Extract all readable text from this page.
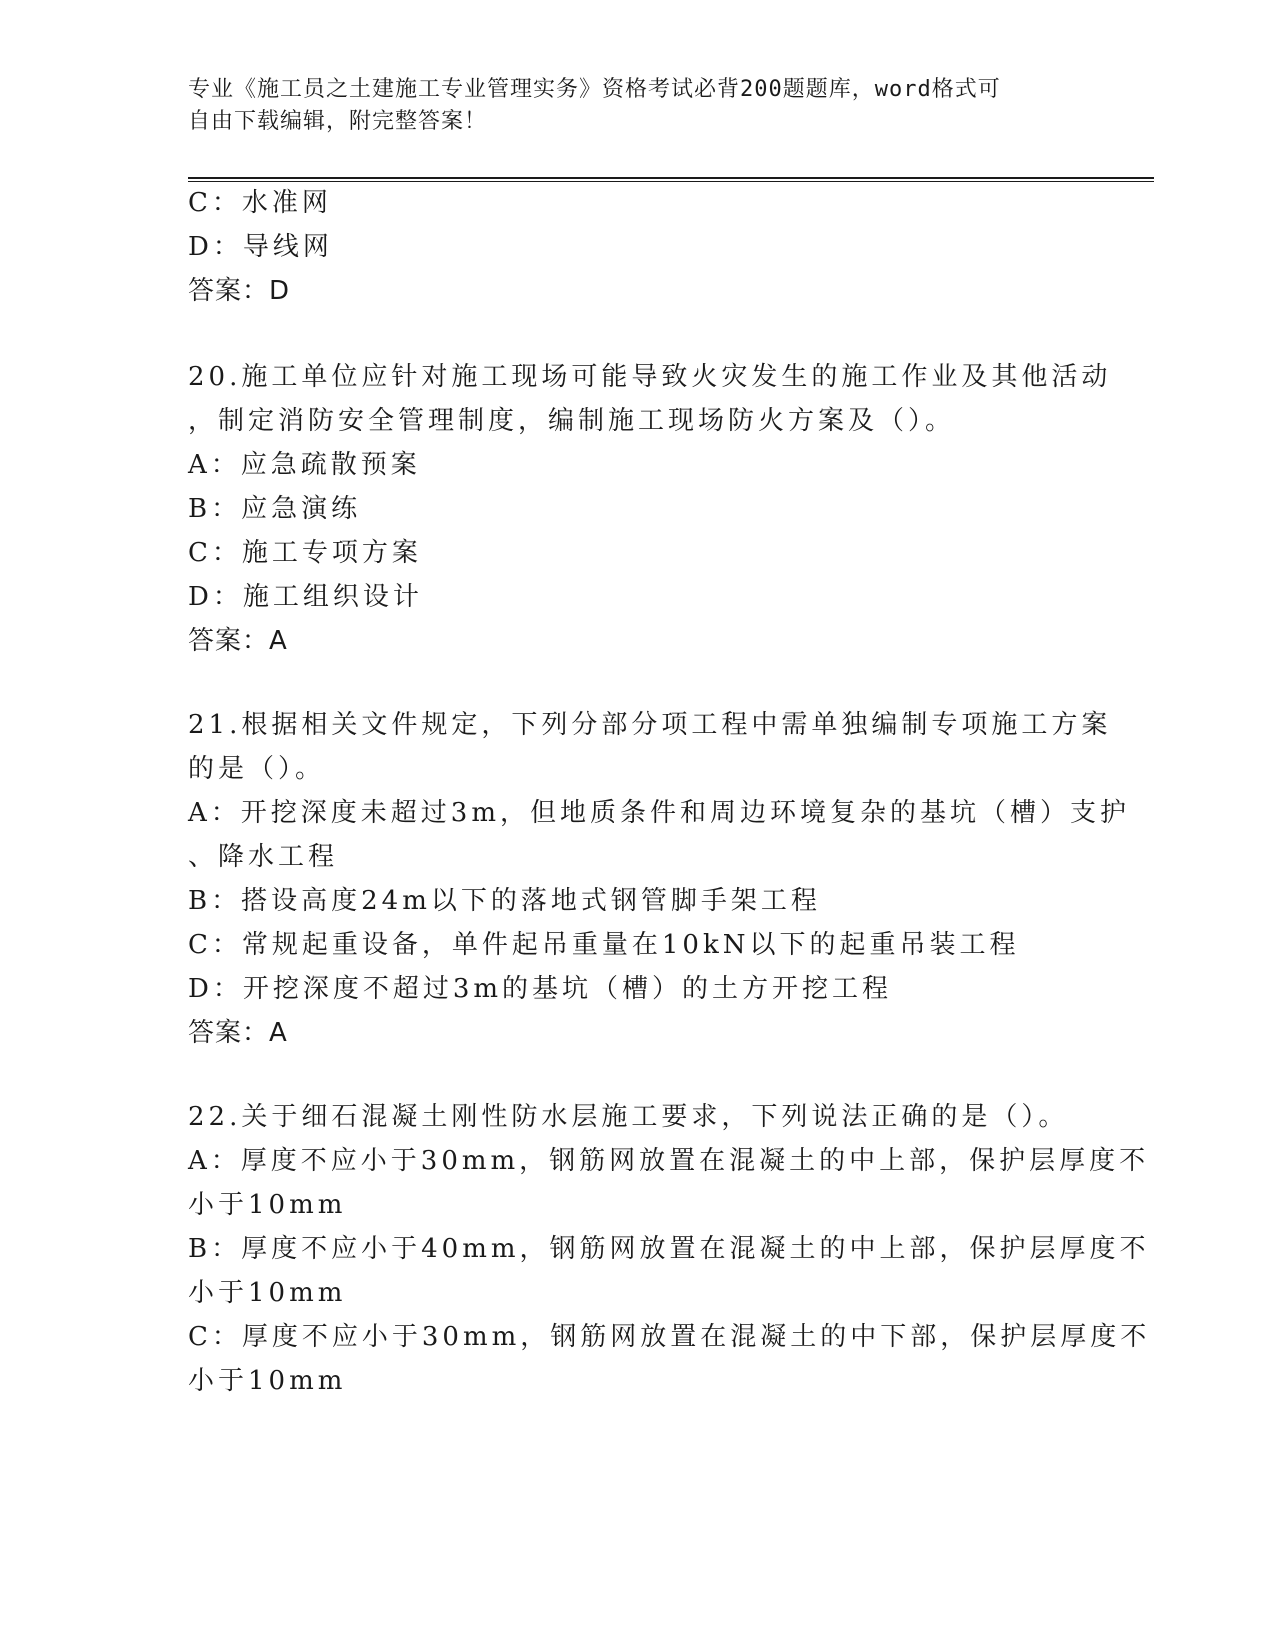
专业《施工员之土建施工专业管理实务》资格考试必背200题题库，word格式可
自由下载编辑，附完整答案！
C：水准网
D：导线网
答案：D
20.施工单位应针对施工现场可能导致火灾发生的施工作业及其他活动
，制定消防安全管理制度，编制施工现场防火方案及（）。
A：应急疏散预案
B：应急演练
C：施工专项方案
D：施工组织设计
答案：A
21.根据相关文件规定，下列分部分项工程中需单独编制专项施工方案
的是（）。
A：开挖深度未超过3m，但地质条件和周边环境复杂的基坑（槽）支护
、降水工程
B：搭设高度24m以下的落地式钢管脚手架工程
C：常规起重设备，单件起吊重量在10kN以下的起重吊装工程
D：开挖深度不超过3m的基坑（槽）的土方开挖工程
答案：A
22.关于细石混凝土刚性防水层施工要求，下列说法正确的是（）。
A：厚度不应小于30mm，钢筋网放置在混凝土的中上部，保护层厚度不
小于10mm
B：厚度不应小于40mm，钢筋网放置在混凝土的中上部，保护层厚度不
小于10mm
C：厚度不应小于30mm，钢筋网放置在混凝土的中下部，保护层厚度不
小于10mm
